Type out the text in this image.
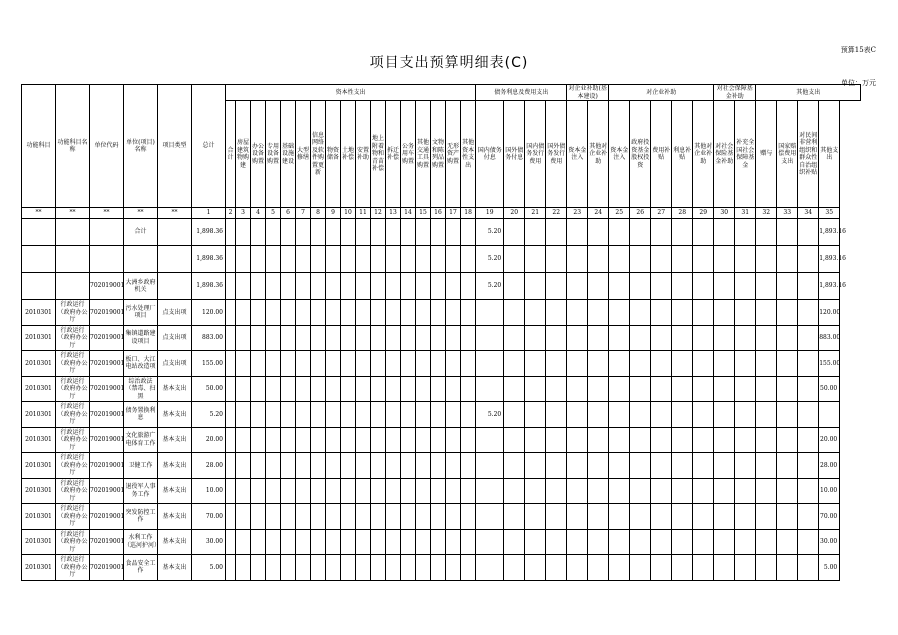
预算15表C
项目支出预算明细表(C)
单位：万元
功能科目	功能科目名称	单位代码	单位(项目)名称	项目类型	总计	资本性支出																	债务利息及费用支出				对企业补助(基本建设)		对企业补助					对社会保障基金补助		其他支出			
						合计	房屋建筑物购建	办公设备购置	专用设备购置	基础设施建设	大型修缮	信息网络及软件购置更新	物资储备	土地补偿	安置补助	地上附着物和青苗补偿	拆迁补偿	公务用车购置	其他交通工具购置	文物和陈列品购置	无形资产购置	其他资本性支出	国内债务付息	国外债务付息	国内债务发行费用	国外债务发行费用	资本金注入	其他对企业补助	资本金注入	政府投资基金股权投资	费用补贴	利息补贴	其他对企业补助	对社会保险基金补助	补充全国社会保障基金	赠与	国家赔偿费用支出	对民间非营利组织和群众性自治组织补贴	其他支出
**	**	**	**	**	1	2	3	4	5	6	7	8	9	10	11	12	13	14	15	16	17	18	19	20	21	22	23	24	25	26	27	28	29	30	31	32	33	34	35
			合计		1,898.36																		5.20																1,893.16
					1,898.36																		5.20																1,893.16
		702019001	大洲乡政府机关		1,898.36																		5.20																1,893.16
2010301	行政运行（政府办公厅	702019001	污水处理厂项目	点支出项	120.00																																		120.00
2010301	行政运行（政府办公厅	702019001	集镇道路建设项目	点支出项	883.00																																		883.00
2010301	行政运行（政府办公厅	702019001	板口、大江电站改造项	点支出项	155.00																																		155.00
2010301	行政运行（政府办公厅	702019001	综治政法（禁毒、扫黑	基本支出	50.00																																		50.00
2010301	行政运行（政府办公厅	702019001	债务置换利息	基本支出	5.20																		5.20																
2010301	行政运行（政府办公厅	702019001	文化旅游广电体育工作	基本支出	20.00																																		20.00
2010301	行政运行（政府办公厅	702019001	卫健工作	基本支出	28.00																																		28.00
2010301	行政运行（政府办公厅	702019001	退役军人事务工作	基本支出	10.00																																		10.00
2010301	行政运行（政府办公厅	702019001	突发防控工作	基本支出	70.00																																		70.00
2010301	行政运行（政府办公厅	702019001	水利工作（巡河护河）	基本支出	30.00																																		30.00
2010301	行政运行（政府办公厅	702019001	食品安全工作	基本支出	5.00																																		5.00
